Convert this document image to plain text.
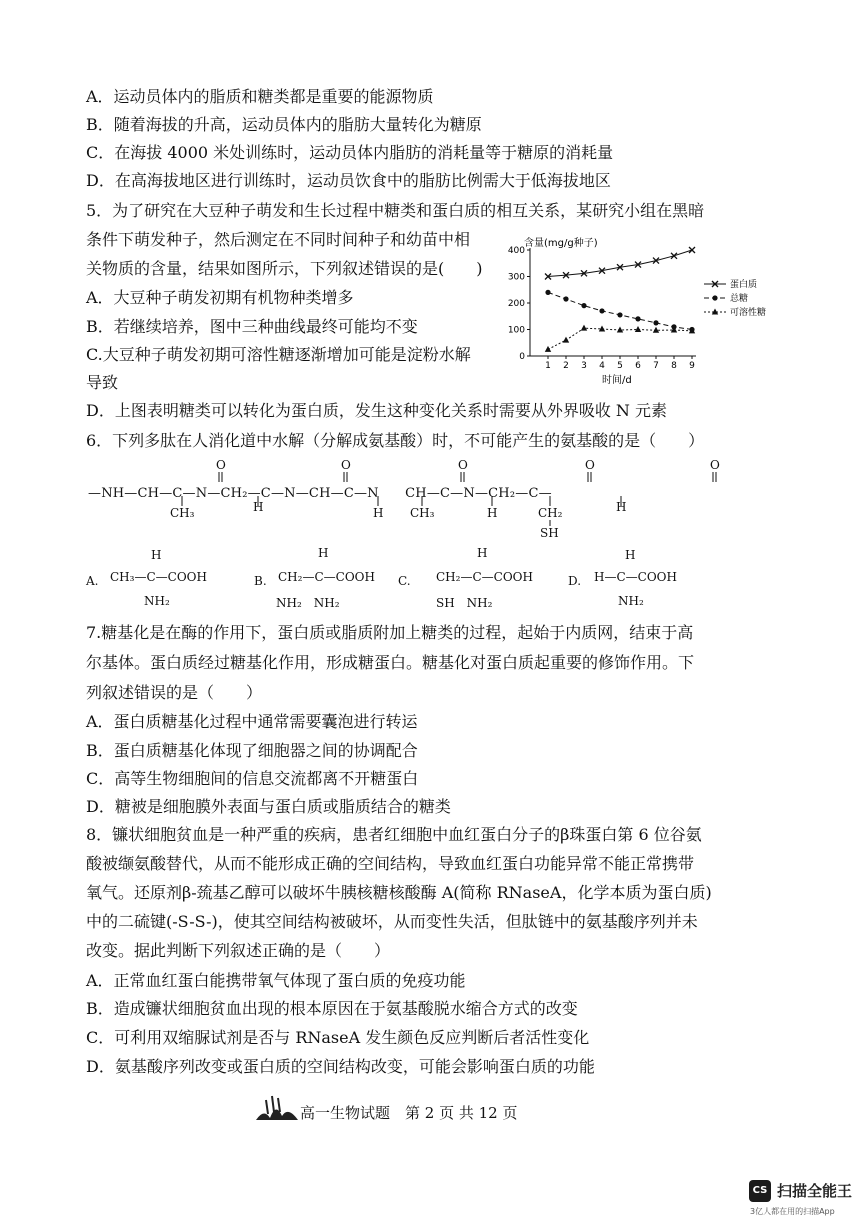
A．运动员体内的脂质和糖类都是重要的能源物质
B．随着海拔的升高，运动员体内的脂肪大量转化为糖原
C．在海拔 4000 米处训练时，运动员体内脂肪的消耗量等于糖原的消耗量
D．在高海拔地区进行训练时，运动员饮食中的脂肪比例需大于低海拔地区
5．为了研究在大豆种子萌发和生长过程中糖类和蛋白质的相互关系，某研究小组在黑暗
条件下萌发种子，然后测定在不同时间种子和幼苗中相
关物质的含量，结果如图所示，下列叙述错误的是(　　)
A．大豆种子萌发初期有机物种类增多
B．若继续培养，图中三种曲线最终可能均不变
C.大豆种子萌发初期可溶性糖逐渐增加可能是淀粉水解
导致
D．上图表明糖类可以转化为蛋白质，发生这种变化关系时需要从外界吸收 N 元素
0
100
200
300
400
1 2 3 4 5 6 7 8 9
蛋白质
总糖
可溶性糖
含量(mg/g种子)
时间/d
6．下列多肽在人消化道中水解（分解成氨基酸）时，不可能产生的氨基酸的是（　　）
O	O	O	O	O
—NH—CH—C—N—CH₂—C—N—CH—C—N　　CH—C—N—CH₂—C—
CH₃	H	H CH₃	H	CH₂	H
SH
A.
H
CH₃—C—COOH
NH₂
B.
H
CH₂—C—COOH
NH₂　NH₂
C.
H
CH₂—C—COOH
SH　NH₂
D.
H
H—C—COOH
NH₂
7.糖基化是在酶的作用下，蛋白质或脂质附加上糖类的过程，起始于内质网，结束于高
尔基体。蛋白质经过糖基化作用，形成糖蛋白。糖基化对蛋白质起重要的修饰作用。下
列叙述错误的是（　　）
A．蛋白质糖基化过程中通常需要囊泡进行转运
B．蛋白质糖基化体现了细胞器之间的协调配合
C．高等生物细胞间的信息交流都离不开糖蛋白
D．糖被是细胞膜外表面与蛋白质或脂质结合的糖类
8．镰状细胞贫血是一种严重的疾病，患者红细胞中血红蛋白分子的β珠蛋白第 6 位谷氨
酸被缬氨酸替代，从而不能形成正确的空间结构，导致血红蛋白功能异常不能正常携带
氧气。还原剂β-巯基乙醇可以破坏牛胰核糖核酸酶 A(简称 RNaseA，化学本质为蛋白质)
中的二硫键(-S-S-)，使其空间结构被破坏，从而变性失活，但肽链中的氨基酸序列并未
改变。据此判断下列叙述正确的是（　　）
A．正常血红蛋白能携带氧气体现了蛋白质的免疫功能
B．造成镰状细胞贫血出现的根本原因在于氨基酸脱水缩合方式的改变
C．可利用双缩脲试剂是否与 RNaseA 发生颜色反应判断后者活性变化
D．氨基酸序列改变或蛋白质的空间结构改变，可能会影响蛋白质的功能
高一生物试题　第 2 页 共 12 页
CS 扫描全能王
3亿人都在用的扫描App
